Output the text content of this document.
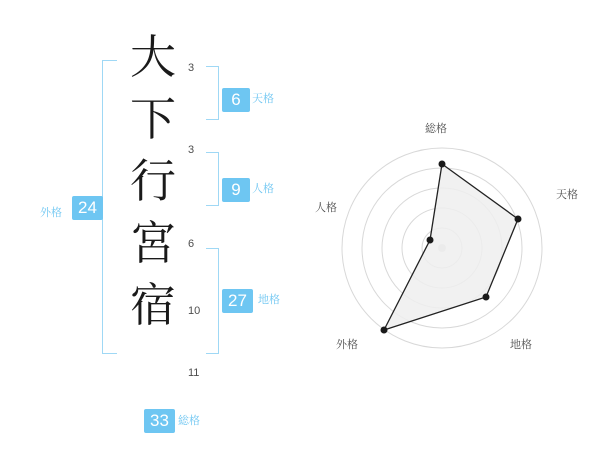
大
下
行
宮
宿
3
3
6
10
11
6	天格
9	人格
27	地格
外格 24
33 総格
総格
天格
地格
外格
人格
